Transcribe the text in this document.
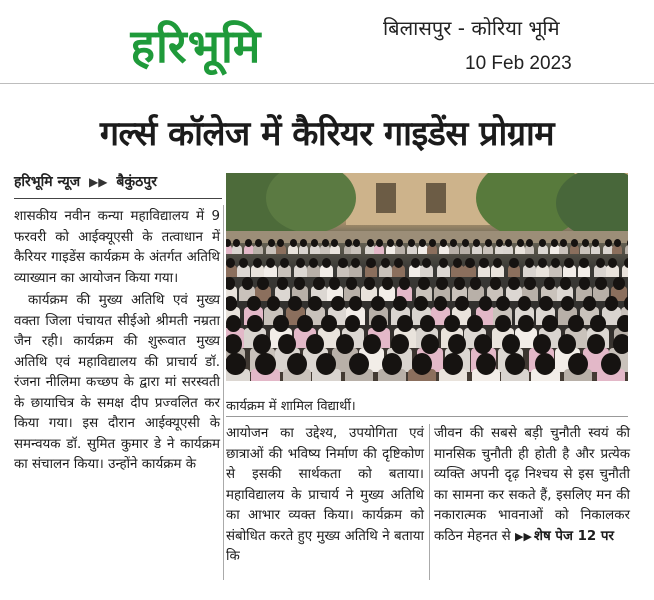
हरिभूमि	बिलासपुर - कोरिया भूमि
10 Feb 2023
गर्ल्स कॉलेज में कैरियर गाइडेंस प्रोग्राम
हरिभूमि न्यूज ▶▶ बैकुंठपुर

शासकीय नवीन कन्या महाविद्यालय में 9 फरवरी को आईक्यूएसी के तत्वाधान में कैरियर गाइडेंस कार्यक्रम के अंतर्गत अतिथि व्याख्यान का आयोजन किया गया।

कार्यक्रम की मुख्य अतिथि एवं मुख्य वक्ता जिला पंचायत सीईओ श्रीमती नम्रता जैन रही। कार्यक्रम की शुरूवात मुख्य अतिथि एवं महाविद्यालय की प्राचार्य डॉ. रंजना नीलिमा कच्छप के द्वारा मां सरस्वती के छायाचित्र के समक्ष दीप प्रज्वलित कर किया गया। इस दौरान आईक्यूएसी के समन्वयक डॉ. सुमित कुमार डे ने कार्यक्रम का संचालन किया। उन्होंने कार्यक्रम के

कार्यक्रम में शामिल विद्यार्थी।

आयोजन का उद्देश्य, उपयोगिता एवं छात्राओं की भविष्य निर्माण की दृष्टिकोण से इसकी सार्थकता को बताया। महाविद्यालय के प्राचार्य ने मुख्य अतिथि का आभार व्यक्त किया। कार्यक्रम को संबोधित करते हुए मुख्य अतिथि ने बताया कि

जीवन की सबसे बड़ी चुनौती स्वयं की मानसिक चुनौती ही होती है और प्रत्येक व्यक्ति अपनी दृढ़ निश्चय से इस चुनौती का सामना कर सकते हैं, इसलिए मन की नकारात्मक भावनाओं को निकालकर कठिन मेहनत से ▶▶ शेष पेज 12 पर
